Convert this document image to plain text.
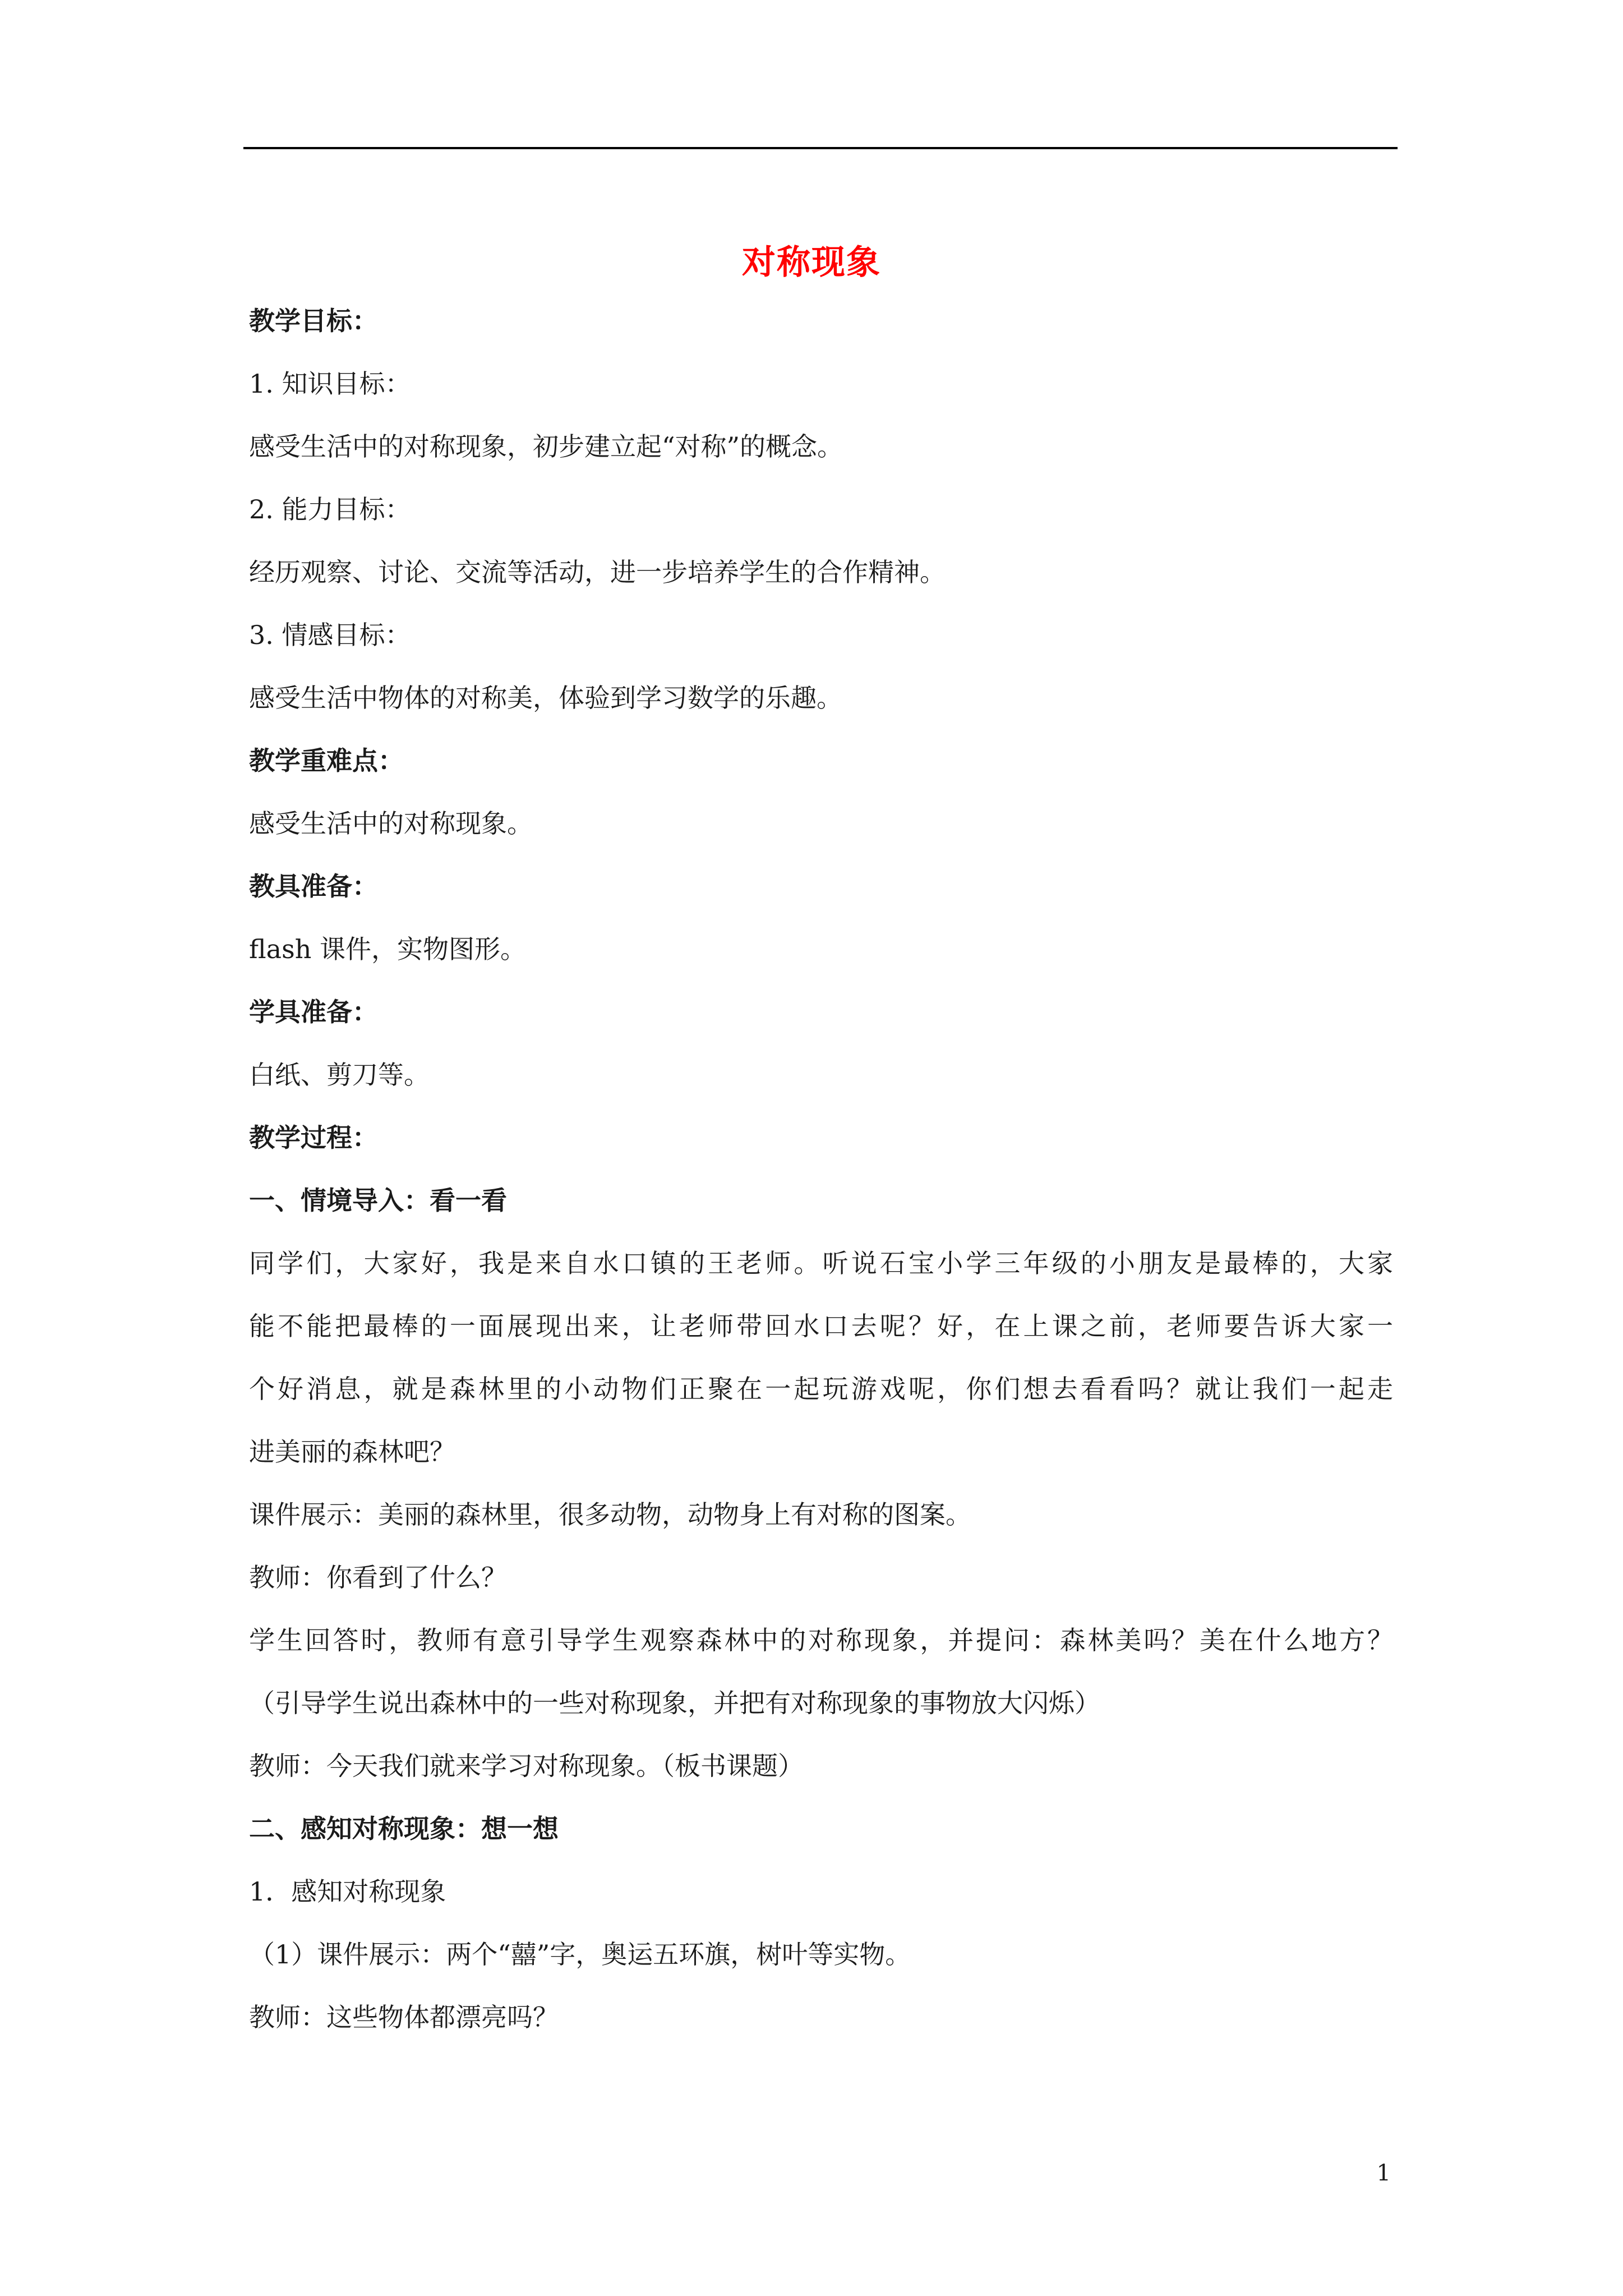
对称现象

教学目标：

1. 知识目标：

感受生活中的对称现象，初步建立起“对称”的概念。

2. 能力目标：

经历观察、讨论、交流等活动，进一步培养学生的合作精神。

3. 情感目标：

感受生活中物体的对称美，体验到学习数学的乐趣。

教学重难点：

感受生活中的对称现象。

教具准备：

flash 课件，实物图形。

学具准备：

白纸、剪刀等。

教学过程：

一、情境导入：看一看

同学们，大家好，我是来自水口镇的王老师。听说石宝小学三年级的小朋友是最棒的，大家

能不能把最棒的一面展现出来，让老师带回水口去呢？好，在上课之前，老师要告诉大家一

个好消息，就是森林里的小动物们正聚在一起玩游戏呢，你们想去看看吗？就让我们一起走

进美丽的森林吧？

课件展示：美丽的森林里，很多动物，动物身上有对称的图案。

教师：你看到了什么？

学生回答时，教师有意引导学生观察森林中的对称现象，并提问：森林美吗？美在什么地方？

（引导学生说出森林中的一些对称现象，并把有对称现象的事物放大闪烁）

教师：今天我们就来学习对称现象。（板书课题）

二、感知对称现象：想一想

1．感知对称现象

（1）课件展示：两个“囍”字，奥运五环旗，树叶等实物。

教师：这些物体都漂亮吗？

1
